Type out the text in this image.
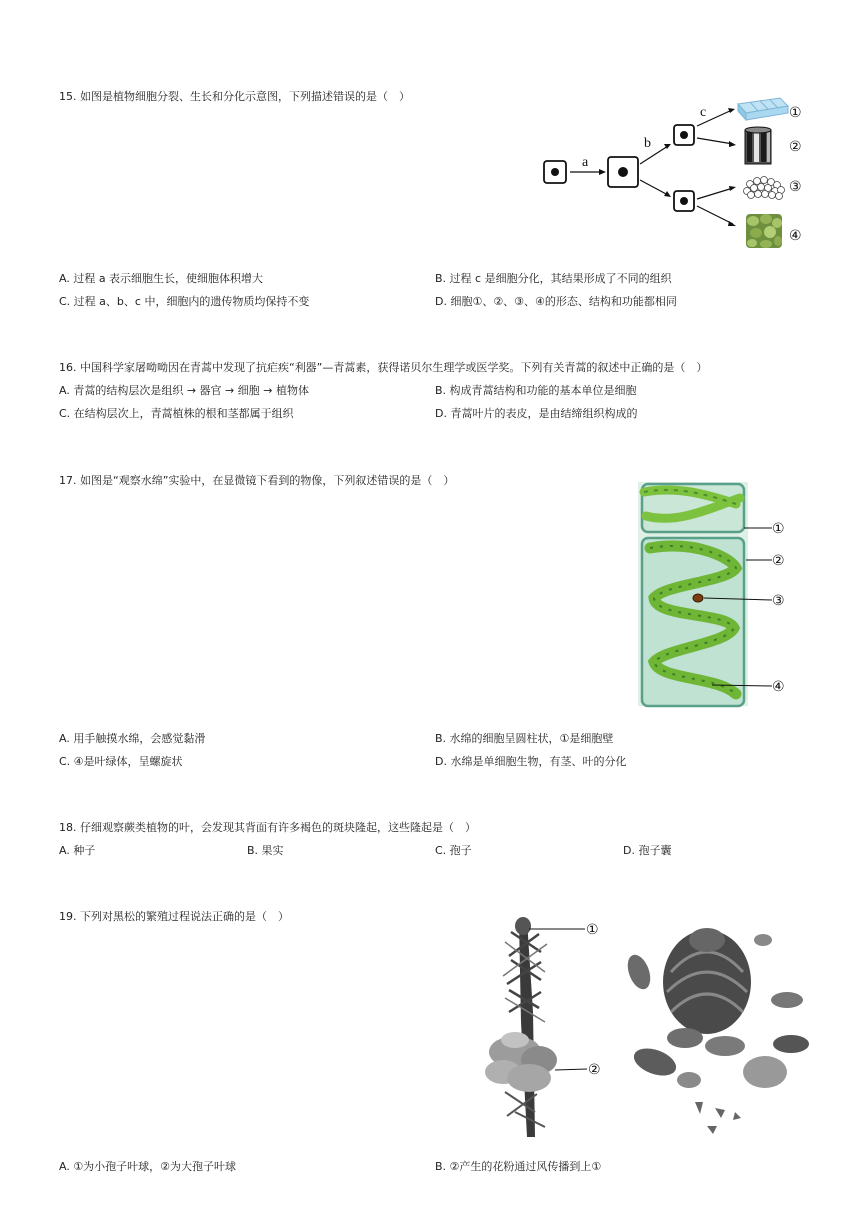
15. 如图是植物细胞分裂、生长和分化示意图，下列描述错误的是（　）
a
b
c	①
②
③
④
A. 过程 a 表示细胞生长，使细胞体积增大	B. 过程 c 是细胞分化，其结果形成了不同的组织
C. 过程 a、b、c 中，细胞内的遗传物质均保持不变	D. 细胞①、②、③、④的形态、结构和功能都相同
16. 中国科学家屠呦呦因在青蒿中发现了抗疟疾“利器”—青蒿素，获得诺贝尔生理学或医学奖。下列有关青蒿的叙述中正确的是（　）
A. 青蒿的结构层次是组织 → 器官 → 细胞 → 植物体	B. 构成青蒿结构和功能的基本单位是细胞
C. 在结构层次上，青蒿植株的根和茎都属于组织	D. 青蒿叶片的表皮，是由结缔组织构成的
17. 如图是“观察水绵”实验中，在显微镜下看到的物像，下列叙述错误的是（　）
①
②
③
④
A. 用手触摸水绵，会感觉黏滑	B. 水绵的细胞呈圆柱状，①是细胞壁
C. ④是叶绿体，呈螺旋状	D. 水绵是单细胞生物，有茎、叶的分化
18. 仔细观察蕨类植物的叶，会发现其背面有许多褐色的斑块隆起，这些隆起是（　）
A. 种子	B. 果实	C. 孢子	D. 孢子囊
19. 下列对黑松的繁殖过程说法正确的是（　）
①
②
A. ①为小孢子叶球，②为大孢子叶球	B. ②产生的花粉通过风传播到上①
